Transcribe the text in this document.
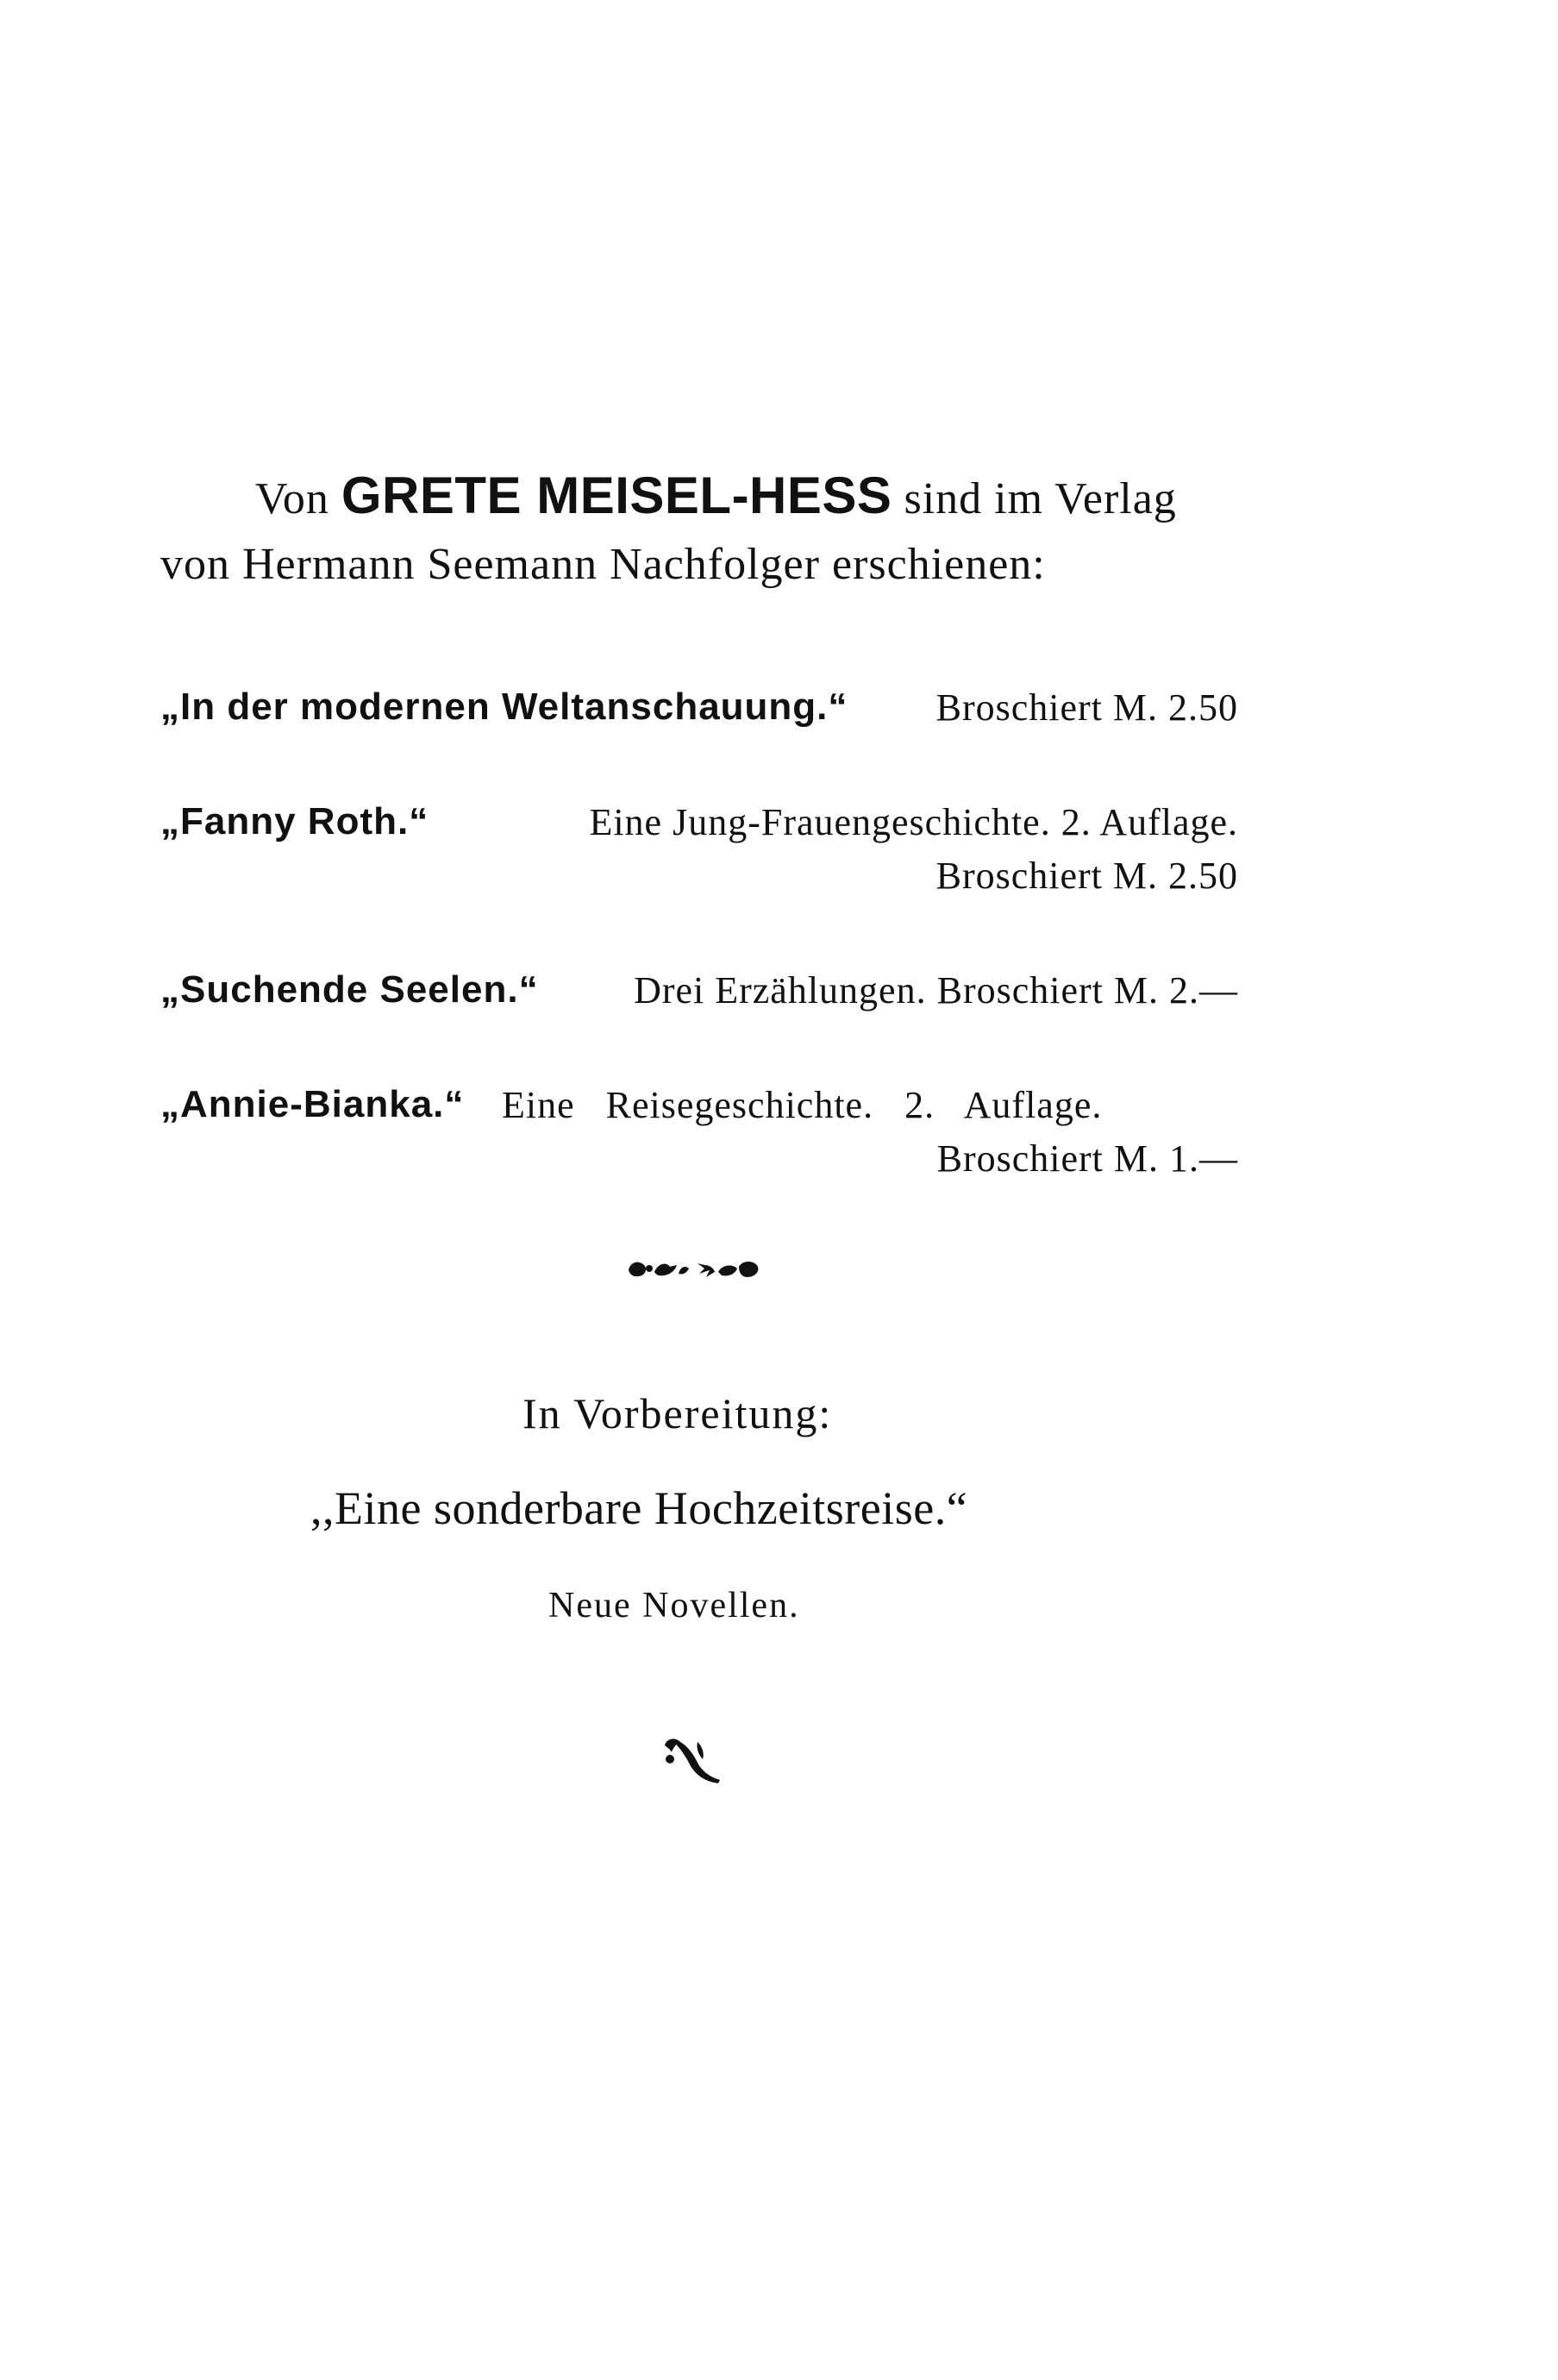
Von GRETE MEISEL-HESS sind im Verlag
von Hermann Seemann Nachfolger erschienen:
„In der modernen Weltanschauung.“ Broschiert M. 2.50
„Fanny Roth.“	Eine Jung-Frauengeschichte. 2. Auflage.
Broschiert M. 2.50
„Suchende Seelen.“	Drei Erzählungen. Broschiert M. 2.—
„Annie-Bianka.“ Eine Reisegeschichte. 2. Auflage.
Broschiert M. 1.—
In Vorbereitung:
,,Eine sonderbare Hochzeitsreise.“
Neue Novellen.
